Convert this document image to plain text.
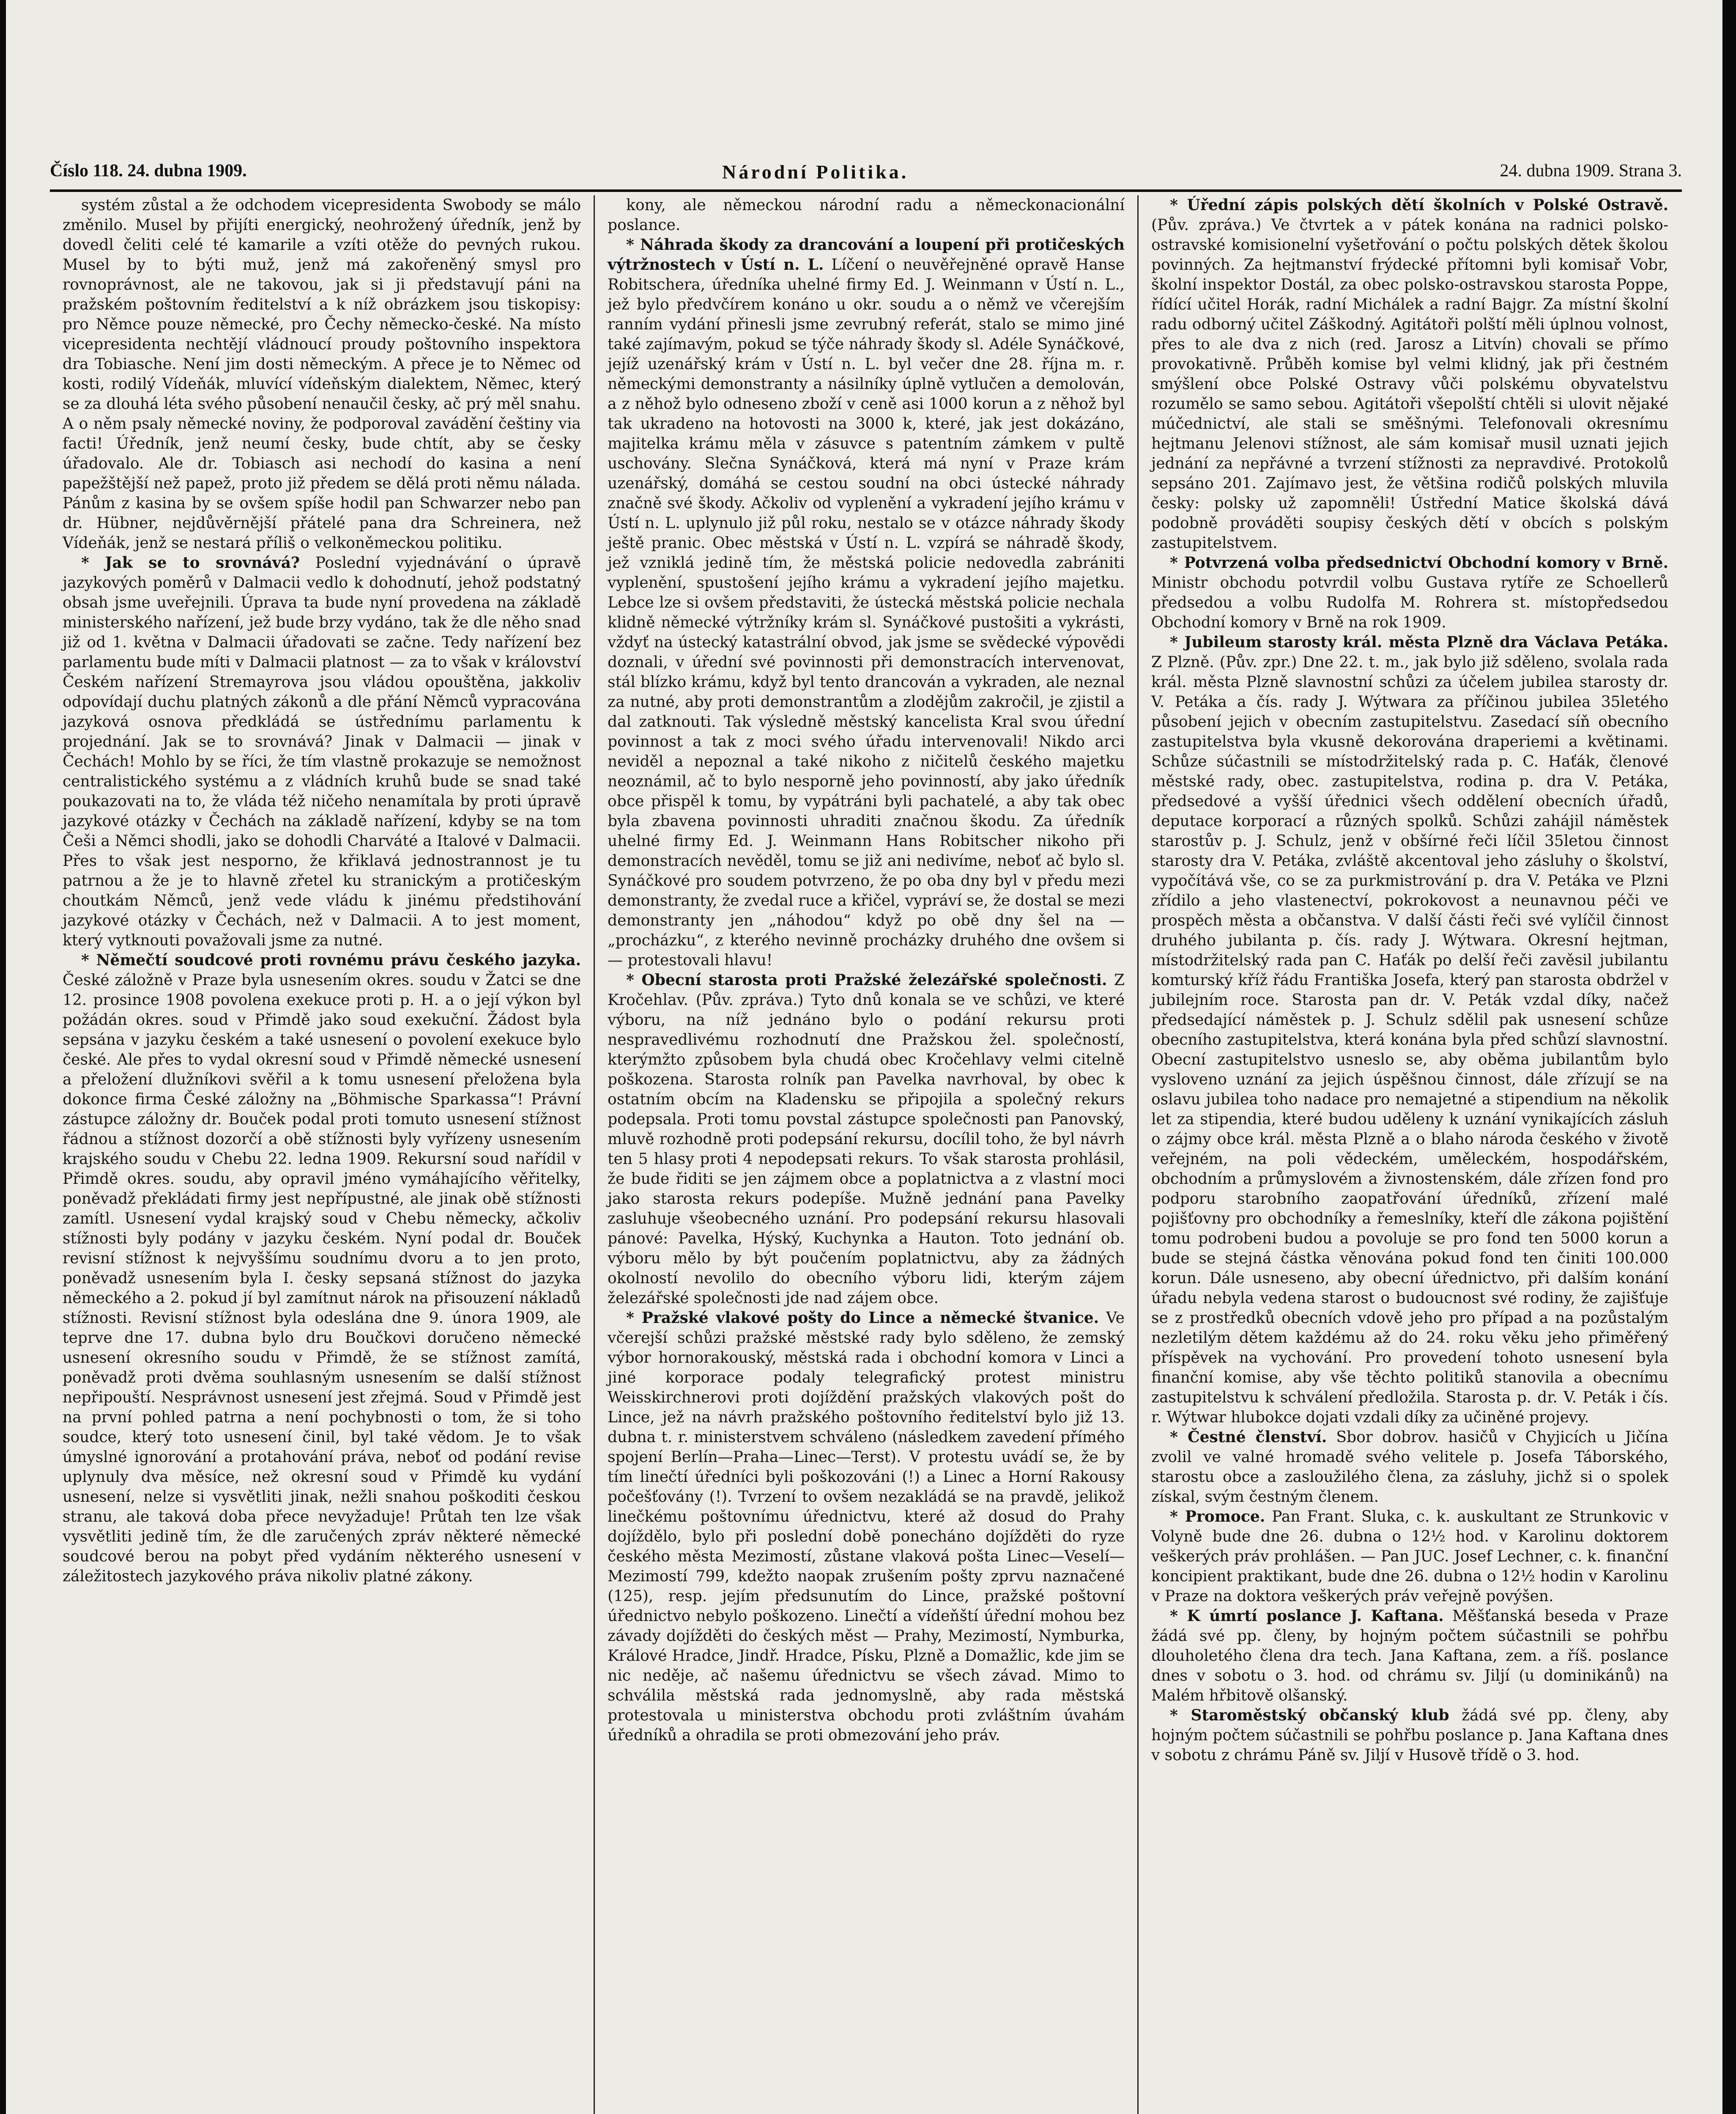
Číslo 118. 24. dubna 1909.	Národní Politika.	24. dubna 1909. Strana 3.

systém zůstal a že odchodem vicepresidenta Swobody se málo změnilo. Musel by přijíti energický, neohrožený úředník, jenž by dovedl čeliti celé té kamarile a vzíti otěže do pevných rukou. Musel by to býti muž, jenž má zakořeněný smysl pro rovnoprávnost, ale ne takovou, jak si ji představují páni na pražském poštovním ředitelství a k níž obrázkem jsou tiskopisy: pro Němce pouze německé, pro Čechy německo-české. Na místo vicepresidenta nechtějí vládnoucí proudy poštovního inspektora dra Tobiasche. Není jim dosti německým. A přece je to Němec od kosti, rodilý Vídeňák, mluvící vídeňským dialektem, Němec, který se za dlouhá léta svého působení nenaučil česky, ač prý měl snahu. A o něm psaly německé noviny, že podporoval zavádění češtiny via facti! Úředník, jenž neumí česky, bude chtít, aby se česky úřadovalo. Ale dr. Tobiasch asi nechodí do kasina a není papežštější než papež, proto již předem se dělá proti němu nálada. Pánům z kasina by se ovšem spíše hodil pan Schwarzer nebo pan dr. Hübner, nejdůvěrnější přátelé pana dra Schreinera, než Vídeňák, jenž se nestará příliš o velkoněmeckou politiku.

* Jak se to srovnává? Poslední vyjednávání o úpravě jazykových poměrů v Dalmacii vedlo k dohodnutí, jehož podstatný obsah jsme uveřejnili. Úprava ta bude nyní provedena na základě ministerského nařízení, jež bude brzy vydáno, tak že dle něho snad již od 1. května v Dalmacii úřadovati se začne. Tedy nařízení bez parlamentu bude míti v Dalmacii platnost — za to však v království Českém nařízení Stremayrova jsou vládou opouštěna, jakkoliv odpovídají duchu platných zákonů a dle přání Němců vypracována jazyková osnova předkládá se ústřednímu parlamentu k projednání. Jak se to srovnává? Jinak v Dalmacii — jinak v Čechách! Mohlo by se říci, že tím vlastně prokazuje se nemožnost centralistického systému a z vládních kruhů bude se snad také poukazovati na to, že vláda též ničeho nenamítala by proti úpravě jazykové otázky v Čechách na základě nařízení, kdyby se na tom Češi a Němci shodli, jako se dohodli Charváté a Italové v Dalmacii. Přes to však jest nesporno, že křiklavá jednostrannost je tu patrnou a že je to hlavně zřetel ku stranickým a protičeským choutkám Němců, jenž vede vládu k jinému předstihování jazykové otázky v Čechách, než v Dalmacii. A to jest moment, který vytknouti považovali jsme za nutné.

* Němečtí soudcové proti rovnému právu českého jazyka. České záložně v Praze byla usnesením okres. soudu v Žatci se dne 12. prosince 1908 povolena exekuce proti p. H. a o její výkon byl požádán okres. soud v Přimdě jako soud exekuční. Žádost byla sepsána v jazyku českém a také usnesení o povolení exekuce bylo české. Ale přes to vydal okresní soud v Přimdě německé usnesení a přeložení dlužníkovi svěřil a k tomu usnesení přeložena byla dokonce firma České záložny na „Böhmische Sparkassa“! Právní zástupce záložny dr. Bouček podal proti tomuto usnesení stížnost řádnou a stížnost dozorčí a obě stížnosti byly vyřízeny usnesením krajského soudu v Chebu 22. ledna 1909. Rekursní soud nařídil v Přimdě okres. soudu, aby opravil jméno vymáhajícího věřitelky, poněvadž překládati firmy jest nepřípustné, ale jinak obě stížnosti zamítl. Usnesení vydal krajský soud v Chebu německy, ačkoliv stížnosti byly podány v jazyku českém. Nyní podal dr. Bouček revisní stížnost k nejvyššímu soudnímu dvoru a to jen proto, poněvadž usnesením byla I. česky sepsaná stížnost do jazyka německého a 2. pokud jí byl zamítnut nárok na přisouzení nákladů stížnosti. Revisní stížnost byla odeslána dne 9. února 1909, ale teprve dne 17. dubna bylo dru Boučkovi doručeno německé usnesení okresního soudu v Přimdě, že se stížnost zamítá, poněvadž proti dvěma souhlasným usnesením se další stížnost nepřipouští. Nesprávnost usnesení jest zřejmá. Soud v Přimdě jest na první pohled patrna a není pochybnosti o tom, že si toho soudce, který toto usnesení činil, byl také vědom. Je to však úmyslné ignorování a protahování práva, neboť od podání revise uplynuly dva měsíce, než okresní soud v Přimdě ku vydání usnesení, nelze si vysvětliti jinak, nežli snahou poškoditi českou stranu, ale taková doba přece nevyžaduje! Průtah ten lze však vysvětliti jedině tím, že dle zaručených zpráv některé německé soudcové berou na pobyt před vydáním některého usnesení v záležitostech jazykového práva nikoliv platné zákony.

kony, ale německou národní radu a německonacionální poslance.

* Náhrada škody za drancování a loupení při protičeských výtržnostech v Ústí n. L. Líčení o neuvěřejněné opravě Hanse Robitschera, úředníka uhelné firmy Ed. J. Weinmann v Ústí n. L., jež bylo předvčírem konáno u okr. soudu a o němž ve včerejším ranním vydání přinesli jsme zevrubný referát, stalo se mimo jiné také zajímavým, pokud se týče náhrady škody sl. Adéle Synáčkové, jejíž uzenářský krám v Ústí n. L. byl večer dne 28. října m. r. německými demonstranty a násilníky úplně vytlučen a demolován, a z něhož bylo odneseno zboží v ceně asi 1000 korun a z něhož byl tak ukradeno na hotovosti na 3000 k, které, jak jest dokázáno, majitelka krámu měla v zásuvce s patentním zámkem v pultě uschovány. Slečna Synáčková, která má nyní v Praze krám uzenářský, domáhá se cestou soudní na obci ústecké náhrady značně své škody. Ačkoliv od vyplenění a vykradení jejího krámu v Ústí n. L. uplynulo již půl roku, nestalo se v otázce náhrady škody ještě pranic. Obec městská v Ústí n. L. vzpírá se náhradě škody, jež vzniklá jedině tím, že městská policie nedovedla zabrániti vyplenění, spustošení jejího krámu a vykradení jejího majetku. Lebce lze si ovšem představiti, že ústecká městská policie nechala klidně německé výtržníky krám sl. Synáčkové pustošiti a vykrásti, vždyť na ústecký katastrální obvod, jak jsme se svědecké výpovědi doznali, v úřední své povinnosti při demonstracích intervenovat, stál blízko krámu, když byl tento drancován a vykraden, ale neznal za nutné, aby proti demonstrantům a zlodějům zakročil, je zjistil a dal zatknouti. Tak výsledně městský kancelista Kral svou úřední povinnost a tak z moci svého úřadu intervenovali! Nikdo arci neviděl a nepoznal a také nikoho z ničitelů českého majetku neoznámil, ač to bylo nesporně jeho povinností, aby jako úředník obce přispěl k tomu, by vypátráni byli pachatelé, a aby tak obec byla zbavena povinnosti uhraditi značnou škodu. Za úředník uhelné firmy Ed. J. Weinmann Hans Robitscher nikoho při demonstracích nevěděl, tomu se již ani nedivíme, neboť ač bylo sl. Synáčkové pro soudem potvrzeno, že po oba dny byl v předu mezi demonstranty, že zvedal ruce a křičel, vypráví se, že dostal se mezi demonstranty jen „náhodou“ když po obě dny šel na — „procházku“, z kterého nevinně procházky druhého dne ovšem si — protestovali hlavu!

* Obecní starosta proti Pražské železářské společnosti. Z Kročehlav. (Pův. zpráva.) Tyto dnů konala se ve schůzi, ve které výboru, na níž jednáno bylo o podání rekursu proti nespravedlivému rozhodnutí dne Pražskou žel. společností, kterýmžto způsobem byla chudá obec Kročehlavy velmi citelně poškozena. Starosta rolník pan Pavelka navrhoval, by obec k ostatním obcím na Kladensku se připojila a společný rekurs podepsala. Proti tomu povstal zástupce společnosti pan Panovský, mluvě rozhodně proti podepsání rekursu, docílil toho, že byl návrh ten 5 hlasy proti 4 nepodepsati rekurs. To však starosta prohlásil, že bude řiditi se jen zájmem obce a poplatnictva a z vlastní moci jako starosta rekurs podepíše. Mužně jednání pana Pavelky zasluhuje všeobecného uznání. Pro podepsání rekursu hlasovali pánové: Pavelka, Hýský, Kuchynka a Hauton. Toto jednání ob. výboru mělo by být poučením poplatnictvu, aby za žádných okolností nevolilo do obecního výboru lidi, kterým zájem železářské společnosti jde nad zájem obce.

* Pražské vlakové pošty do Lince a německé štvanice. Ve včerejší schůzi pražské městské rady bylo sděleno, že zemský výbor hornorakouský, městská rada i obchodní komora v Linci a jiné korporace podaly telegrafický protest ministru Weisskirchnerovi proti dojíždění pražských vlakových pošt do Lince, jež na návrh pražského poštovního ředitelství bylo již 13. dubna t. r. ministerstvem schváleno (následkem zavedení přímého spojení Berlín—Praha—Linec—Terst). V protestu uvádí se, že by tím linečtí úředníci byli poškozováni (!) a Linec a Horní Rakousy počešťovány (!). Tvrzení to ovšem nezakládá se na pravdě, jelikož linečkému poštovnímu úřednictvu, které až dosud do Prahy dojíždělo, bylo při poslední době ponecháno dojížděti do ryze českého města Mezimostí, zůstane vlaková pošta Linec—Veselí—Mezimostí 799, kdežto naopak zrušením pošty zprvu naznačené (125), resp. jejím předsunutím do Lince, pražské poštovní úřednictvo nebylo poškozeno. Linečtí a vídeňští úřední mohou bez závady dojížděti do českých měst — Prahy, Mezimostí, Nymburka, Králové Hradce, Jindř. Hradce, Písku, Plzně a Domažlic, kde jim se nic neděje, ač našemu úřednictvu se všech závad. Mimo to schválila městská rada jednomyslně, aby rada městská protestovala u ministerstva obchodu proti zvláštním úvahám úředníků a ohradila se proti obmezování jeho práv.

* Úřední zápis polských dětí školních v Polské Ostravě. (Pův. zpráva.) Ve čtvrtek a v pátek konána na radnici polsko-ostravské komisionelní vyšetřování o počtu polských dětek školou povinných. Za hejtmanství frýdecké přítomni byli komisař Vobr, školní inspektor Dostál, za obec polsko-ostravskou starosta Poppe, řídící učitel Horák, radní Michálek a radní Bajgr. Za místní školní radu odborný učitel Záškodný. Agitátoři polští měli úplnou volnost, přes to ale dva z nich (red. Jarosz a Litvín) chovali se přímo provokativně. Průběh komise byl velmi klidný, jak při čestném smýšlení obce Polské Ostravy vůči polskému obyvatelstvu rozumělo se samo sebou. Agitátoři všepolští chtěli si ulovit nějaké múčednictví, ale stali se směšnými. Telefonovali okresnímu hejtmanu Jelenovi stížnost, ale sám komisař musil uznati jejich jednání za nepřávné a tvrzení stížnosti za nepravdivé. Protokolů sepsáno 201. Zajímavo jest, že většina rodičů polských mluvila česky: polsky už zapomněli! Ústřední Matice školská dává podobně prováděti soupisy českých dětí v obcích s polským zastupitelstvem.

* Potvrzená volba předsednictví Obchodní komory v Brně. Ministr obchodu potvrdil volbu Gustava rytíře ze Schoellerů předsedou a volbu Rudolfa M. Rohrera st. místopředsedou Obchodní komory v Brně na rok 1909.

* Jubileum starosty král. města Plzně dra Václava Petáka. Z Plzně. (Pův. zpr.) Dne 22. t. m., jak bylo již sděleno, svolala rada král. města Plzně slavnostní schůzi za účelem jubilea starosty dr. V. Petáka a čís. rady J. Wýtwara za příčinou jubilea 35letého působení jejich v obecním zastupitelstvu. Zasedací síň obecního zastupitelstva byla vkusně dekorována draperiemi a květinami. Schůze súčastnili se místodržitelský rada p. C. Haťák, členové městské rady, obec. zastupitelstva, rodina p. dra V. Petáka, předsedové a vyšší úřednici všech oddělení obecních úřadů, deputace korporací a různých spolků. Schůzi zahájil náměstek starostův p. J. Schulz, jenž v obšírné řeči líčil 35letou činnost starosty dra V. Petáka, zvláště akcentoval jeho zásluhy o školství, vypočítává vše, co se za purkmistrování p. dra V. Petáka ve Plzni zřídilo a jeho vlastenectví, pokrokovost a neunavnou péči ve prospěch města a občanstva. V další části řeči své vylíčil činnost druhého jubilanta p. čís. rady J. Wýtwara. Okresní hejtman, místodržitelský rada pan C. Haťák po delší řeči zavěsil jubilantu komturský kříž řádu Františka Josefa, který pan starosta obdržel v jubilejním roce. Starosta pan dr. V. Peták vzdal díky, načež předsedající náměstek p. J. Schulz sdělil pak usnesení schůze obecního zastupitelstva, která konána byla před schůzí slavnostní. Obecní zastupitelstvo usneslo se, aby oběma jubilantům bylo vysloveno uznání za jejich úspěšnou činnost, dále zřízují se na oslavu jubilea toho nadace pro nemajetné a stipendium na několik let za stipendia, které budou uděleny k uznání vynikajících zásluh o zájmy obce král. města Plzně a o blaho národa českého v životě veřejném, na poli vědeckém, uměleckém, hospodářském, obchodním a průmyslovém a živnostenském, dále zřízen fond pro podporu starobního zaopatřování úředníků, zřízení malé pojišťovny pro obchodníky a řemeslníky, kteří dle zákona pojištění tomu podrobeni budou a povoluje se pro fond ten 5000 korun a bude se stejná částka věnována pokud fond ten činiti 100.000 korun. Dále usneseno, aby obecní úřednictvo, při dalším konání úřadu nebyla vedena starost o budoucnost své rodiny, že zajišťuje se z prostředků obecních vdově jeho pro případ a na pozůstalým nezletilým dětem každému až do 24. roku věku jeho přiměřený příspěvek na vychování. Pro provedení tohoto usnesení byla finanční komise, aby vše těchto politiků stanovila a obecnímu zastupitelstvu k schválení předložila. Starosta p. dr. V. Peták i čís. r. Wýtwar hlubokce dojati vzdali díky za učiněné projevy.

* Čestné členství. Sbor dobrov. hasičů v Chyjicích u Jičína zvolil ve valné hromadě svého velitele p. Josefa Táborského, starostu obce a zasloužilého člena, za zásluhy, jichž si o spolek získal, svým čestným členem.

* Promoce. Pan Frant. Sluka, c. k. auskultant ze Strunkovic v Volyně bude dne 26. dubna o 12½ hod. v Karolinu doktorem veškerých práv prohlášen. — Pan JUC. Josef Lechner, c. k. finanční koncipient praktikant, bude dne 26. dubna o 12½ hodin v Karolinu v Praze na doktora veškerých práv veřejně povýšen.

* K úmrtí poslance J. Kaftana. Měšťanská beseda v Praze žádá své pp. členy, by hojným počtem súčastnili se pohřbu dlouholetého člena dra tech. Jana Kaftana, zem. a říš. poslance dnes v sobotu o 3. hod. od chrámu sv. Jiljí (u dominikánů) na Malém hřbitově olšanský.

* Staroměstský občanský klub žádá své pp. členy, aby hojným počtem súčastnili se pohřbu poslance p. Jana Kaftana dnes v sobotu z chrámu Páně sv. Jiljí v Husově třídě o 3. hod.
